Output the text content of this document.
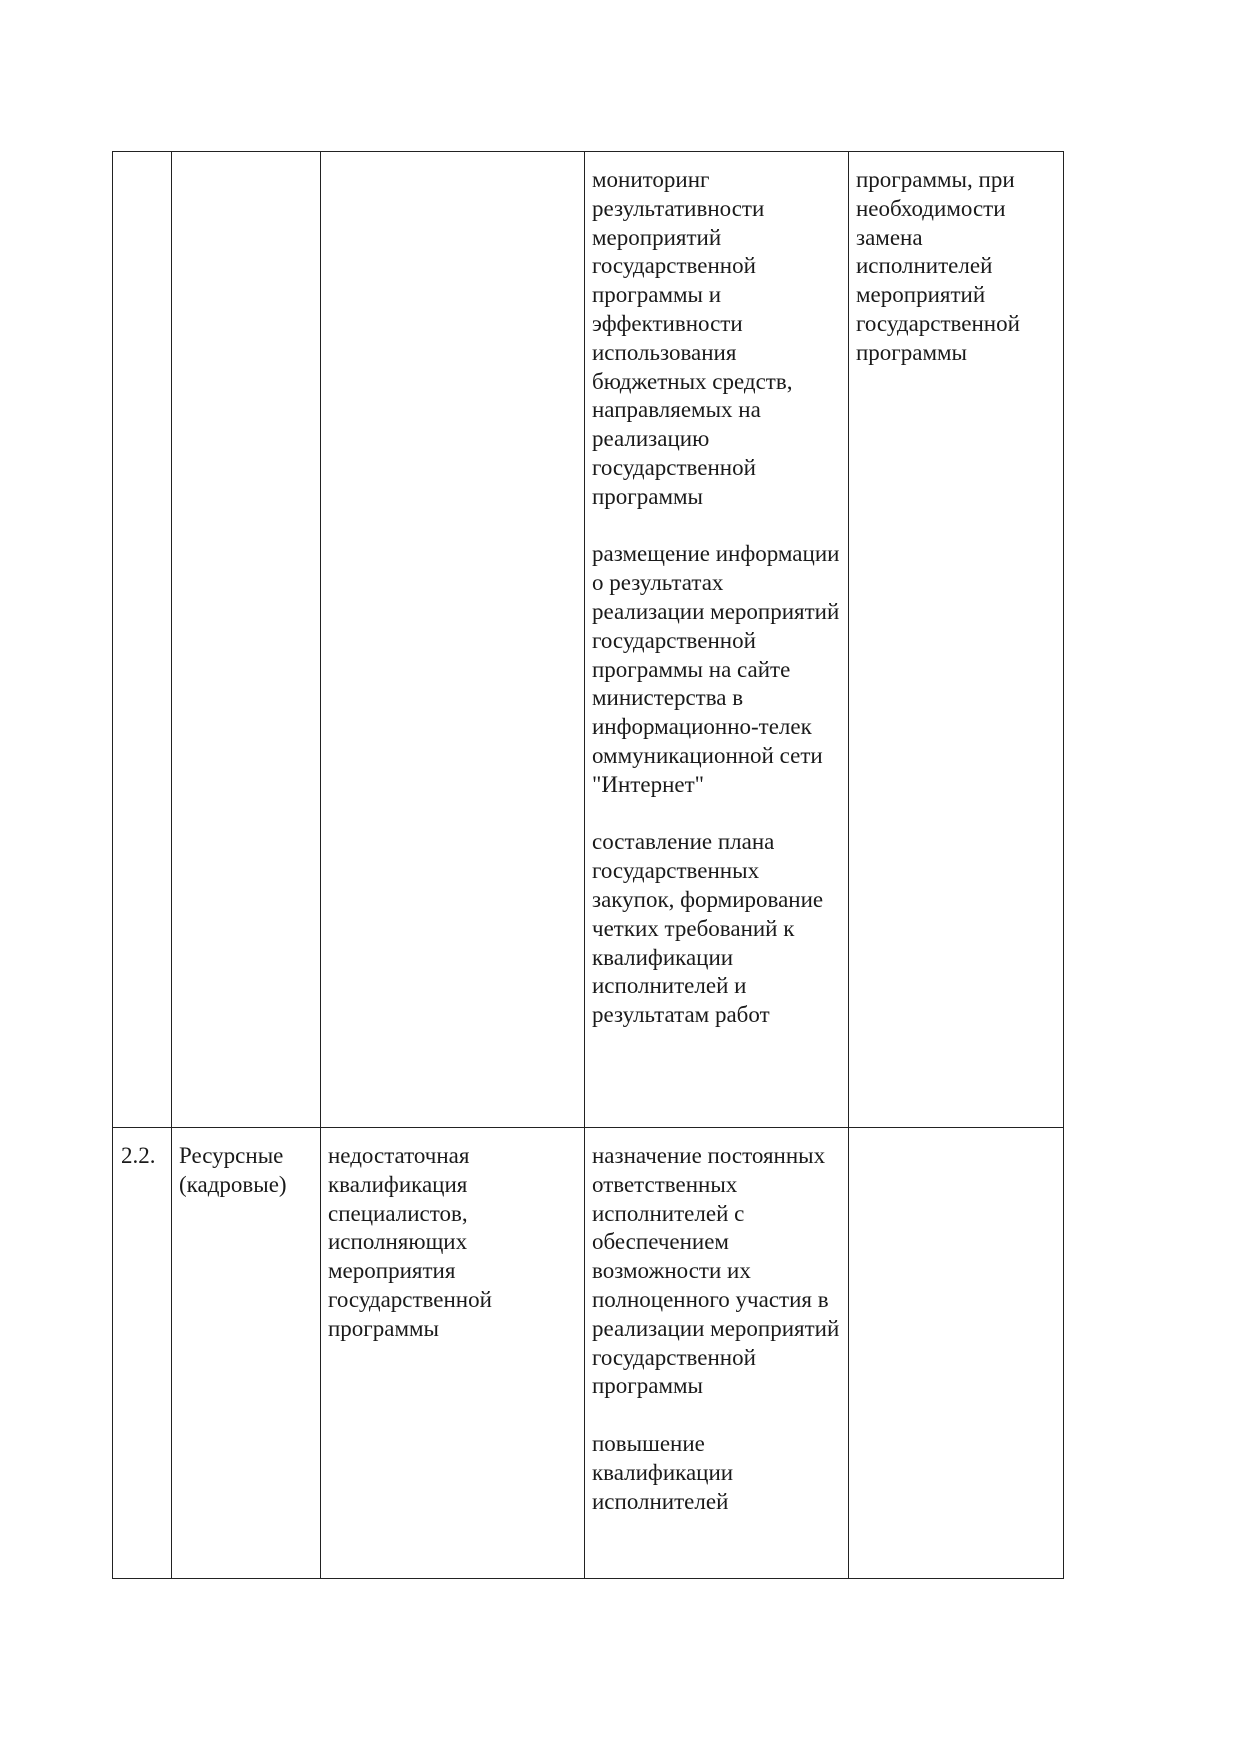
			мониторинг результативности мероприятий государственной программы и эффективности использования бюджетных средств, направляемых на реализацию государственной программы

размещение информации о результатах реализации мероприятий государственной программы на сайте министерства в информационно-телек оммуникационной сети "Интернет"

составление плана государственных закупок, формирование четких требований к квалификации исполнителей и результатам работ	программы, при необходимости замена исполнителей мероприятий государственной программы
2.2.	Ресурсные (кадровые)	недостаточная квалификация специалистов, исполняющих мероприятия государственной программы	назначение постоянных ответственных исполнителей с обеспечением возможности их полноценного участия в реализации мероприятий государственной программы

повышение квалификации исполнителей	
